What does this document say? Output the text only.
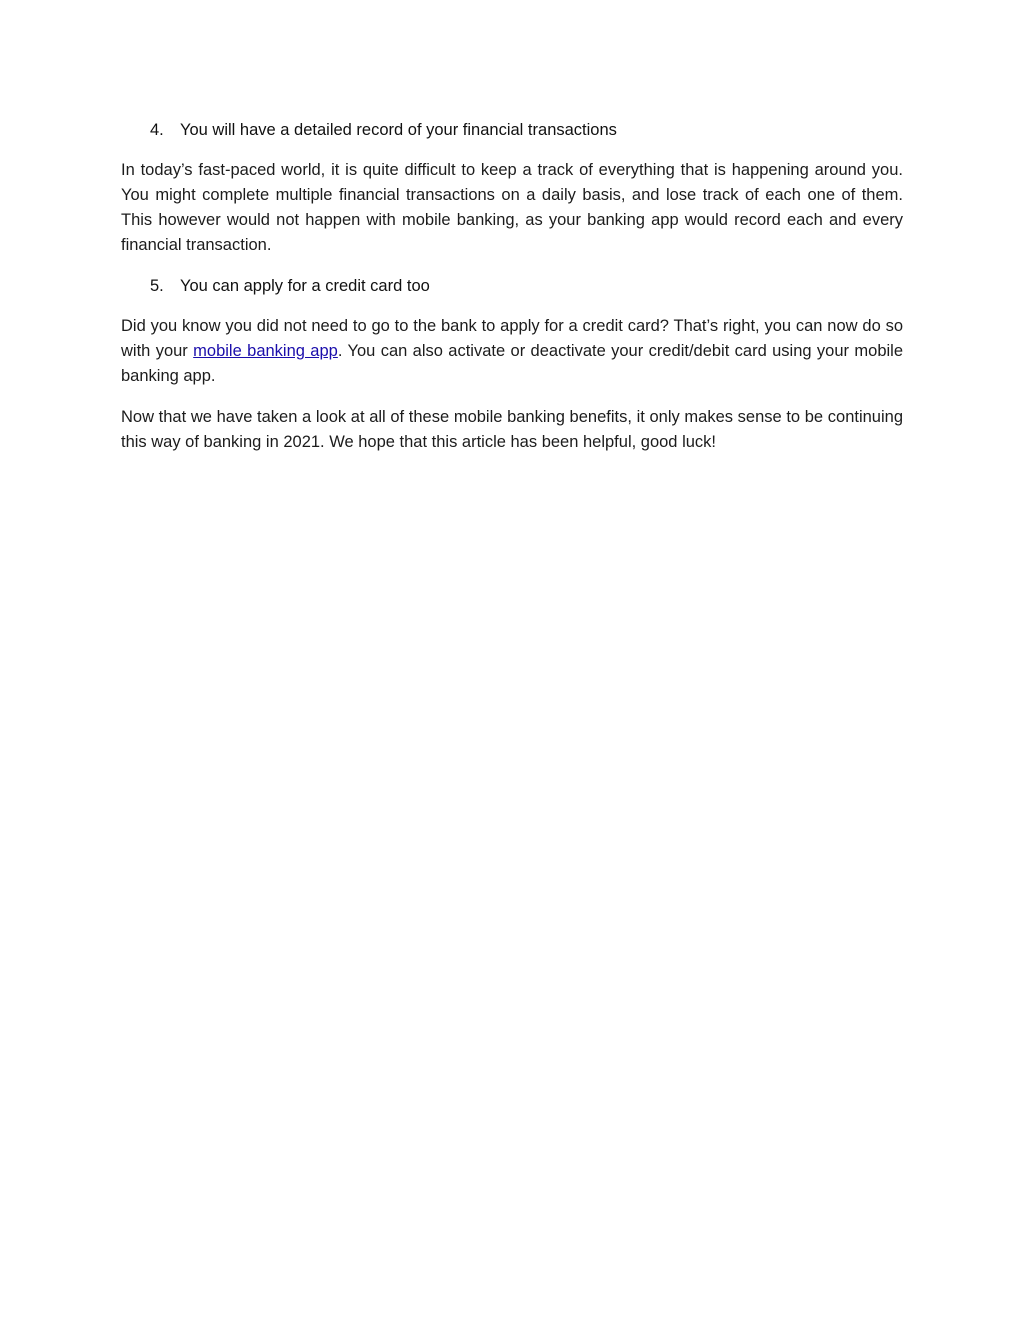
4. You will have a detailed record of your financial transactions

In today’s fast-paced world, it is quite difficult to keep a track of everything that is happening around you. You might complete multiple financial transactions on a daily basis, and lose track of each one of them. This however would not happen with mobile banking, as your banking app would record each and every financial transaction.

5. You can apply for a credit card too

Did you know you did not need to go to the bank to apply for a credit card? That’s right, you can now do so with your mobile banking app. You can also activate or deactivate your credit/debit card using your mobile banking app.

Now that we have taken a look at all of these mobile banking benefits, it only makes sense to be continuing this way of banking in 2021. We hope that this article has been helpful, good luck!
